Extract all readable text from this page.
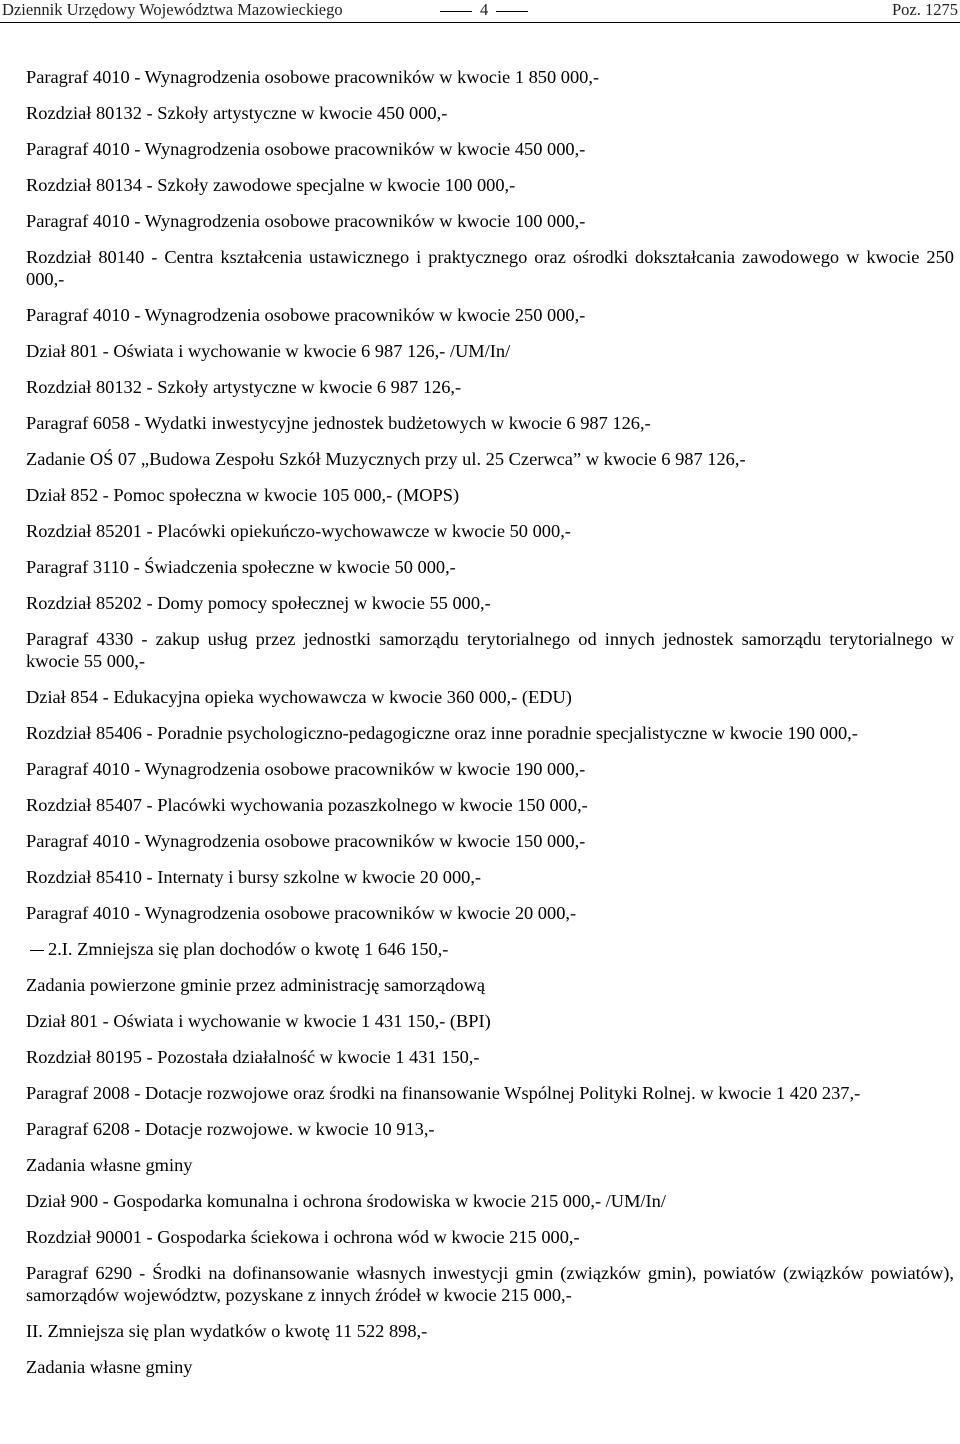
Dziennik Urzędowy Województwa Mazowieckiego	4	Poz. 1275

Paragraf 4010 - Wynagrodzenia osobowe pracowników w kwocie 1 850 000,-

Rozdział 80132 - Szkoły artystyczne w kwocie 450 000,-

Paragraf 4010 - Wynagrodzenia osobowe pracowników w kwocie 450 000,-

Rozdział 80134 - Szkoły zawodowe specjalne w kwocie 100 000,-

Paragraf 4010 - Wynagrodzenia osobowe pracowników w kwocie 100 000,-

Rozdział 80140 - Centra kształcenia ustawicznego i praktycznego oraz ośrodki dokształcania zawodowego w kwocie 250 000,-

Paragraf 4010 - Wynagrodzenia osobowe pracowników w kwocie 250 000,-

Dział 801 - Oświata i wychowanie w kwocie 6 987 126,- /UM/In/

Rozdział 80132 - Szkoły artystyczne w kwocie 6 987 126,-

Paragraf 6058 - Wydatki inwestycyjne jednostek budżetowych w kwocie 6 987 126,-

Zadanie OŚ 07 „Budowa Zespołu Szkół Muzycznych przy ul. 25 Czerwca” w kwocie 6 987 126,-

Dział 852 - Pomoc społeczna w kwocie 105 000,- (MOPS)

Rozdział 85201 - Placówki opiekuńczo-wychowawcze w kwocie 50 000,-

Paragraf 3110 - Świadczenia społeczne w kwocie 50 000,-

Rozdział 85202 - Domy pomocy społecznej w kwocie 55 000,-

Paragraf 4330 - zakup usług przez jednostki samorządu terytorialnego od innych jednostek samorządu terytorialnego w kwocie 55 000,-

Dział 854 - Edukacyjna opieka wychowawcza w kwocie 360 000,- (EDU)

Rozdział 85406 - Poradnie psychologiczno-pedagogiczne oraz inne poradnie specjalistyczne w kwocie 190 000,-

Paragraf 4010 - Wynagrodzenia osobowe pracowników w kwocie 190 000,-

Rozdział 85407 - Placówki wychowania pozaszkolnego w kwocie 150 000,-

Paragraf 4010 - Wynagrodzenia osobowe pracowników w kwocie 150 000,-

Rozdział 85410 - Internaty i bursy szkolne w kwocie 20 000,-

Paragraf 4010 - Wynagrodzenia osobowe pracowników w kwocie 20 000,-

2.I. Zmniejsza się plan dochodów o kwotę 1 646 150,-

Zadania powierzone gminie przez administrację samorządową

Dział 801 - Oświata i wychowanie w kwocie 1 431 150,- (BPI)

Rozdział 80195 - Pozostała działalność w kwocie 1 431 150,-

Paragraf 2008 - Dotacje rozwojowe oraz środki na finansowanie Wspólnej Polityki Rolnej. w kwocie 1 420 237,-

Paragraf 6208 - Dotacje rozwojowe. w kwocie 10 913,-

Zadania własne gminy

Dział 900 - Gospodarka komunalna i ochrona środowiska w kwocie 215 000,- /UM/In/

Rozdział 90001 - Gospodarka ściekowa i ochrona wód w kwocie 215 000,-

Paragraf 6290 - Środki na dofinansowanie własnych inwestycji gmin (związków gmin), powiatów (związków powiatów), samorządów województw, pozyskane z innych źródeł w kwocie 215 000,-

II. Zmniejsza się plan wydatków o kwotę 11 522 898,-

Zadania własne gminy
